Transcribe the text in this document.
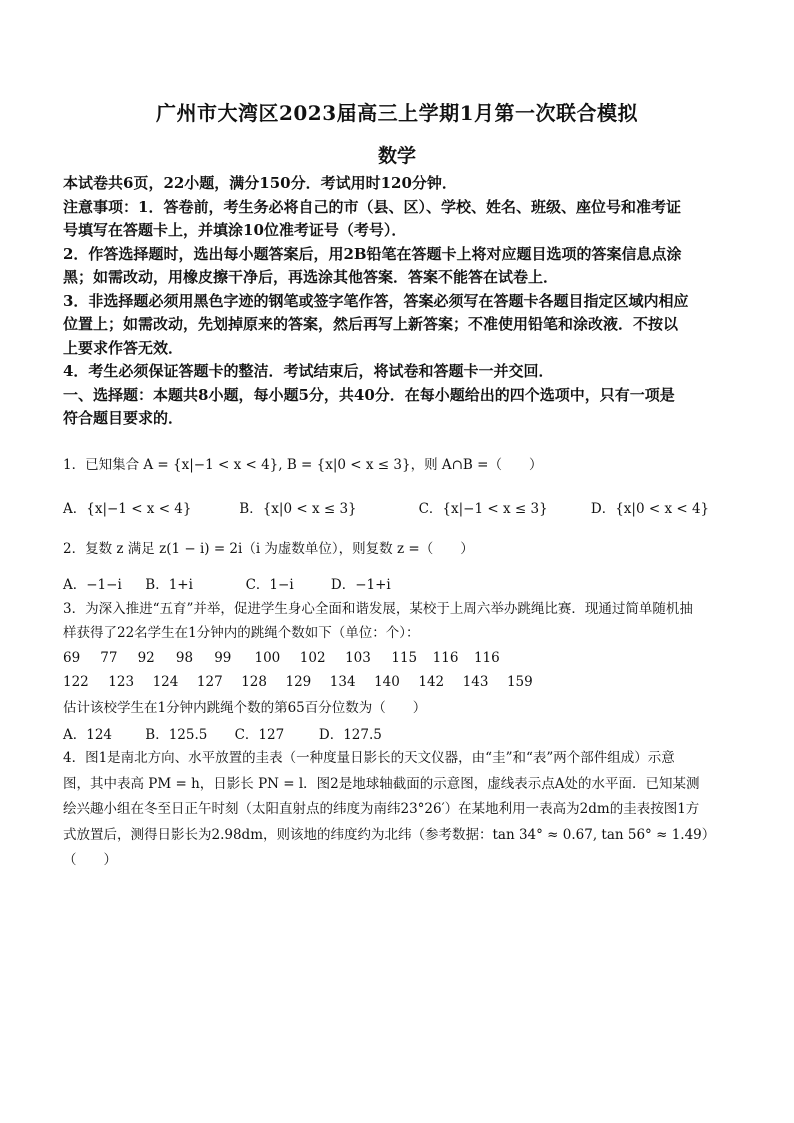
广州市大湾区2023届高三上学期1月第一次联合模拟
数学

本试卷共6页，22小题，满分150分．考试用时120分钟．

注意事项：1．答卷前，考生务必将自己的市（县、区）、学校、姓名、班级、座位号和准考证

号填写在答题卡上，并填涂10位准考证号（考号）．

2．作答选择题时，选出每小题答案后，用2B铅笔在答题卡上将对应题目选项的答案信息点涂

黑；如需改动，用橡皮擦干净后，再选涂其他答案．答案不能答在试卷上．

3．非选择题必须用黑色字迹的钢笔或签字笔作答，答案必须写在答题卡各题目指定区域内相应

位置上；如需改动，先划掉原来的答案，然后再写上新答案；不准使用铅笔和涂改液．不按以

上要求作答无效．

4．考生必须保证答题卡的整洁．考试结束后，将试卷和答题卡一并交回．

一、选择题：本题共8小题，每小题5分，共40分．在每小题给出的四个选项中，只有一项是

符合题目要求的．

1．已知集合 A = {x|−1 < x < 4}, B = {x|0 < x ≤ 3}，则 A∩B =（　　）

A．{x|−1 < x < 4}	B．{x|0 < x ≤ 3}	C．{x|−1 < x ≤ 3}	D．{x|0 < x < 4}

2．复数 z 满足 z(1 − i) = 2i（i 为虚数单位），则复数 z =（　　）

A．−1−i B．1+i	C．1−i	D．−1+i

3．为深入推进“五育”并举，促进学生身心全面和谐发展，某校于上周六举办跳绳比赛．现通过简单随机抽

样获得了22名学生在1分钟内的跳绳个数如下（单位：个）：

69 77 92 98 99 100 102 103 115 116 116
122 123 124 127 128 129 134 140 142 143 159

估计该校学生在1分钟内跳绳个数的第65百分位数为（　　）

A．124 B．125.5 C．127	D．127.5

4．图1是南北方向、水平放置的圭表（一种度量日影长的天文仪器，由“圭”和“表”两个部件组成）示意

图，其中表高 PM = h，日影长 PN = l．图2是地球轴截面的示意图，虚线表示点A处的水平面．已知某测

绘兴趣小组在冬至日正午时刻（太阳直射点的纬度为南纬23°26′）在某地利用一表高为2dm的圭表按图1方

式放置后，测得日影长为2.98dm，则该地的纬度约为北纬（参考数据：tan 34° ≈ 0.67, tan 56° ≈ 1.49）

（　　）
